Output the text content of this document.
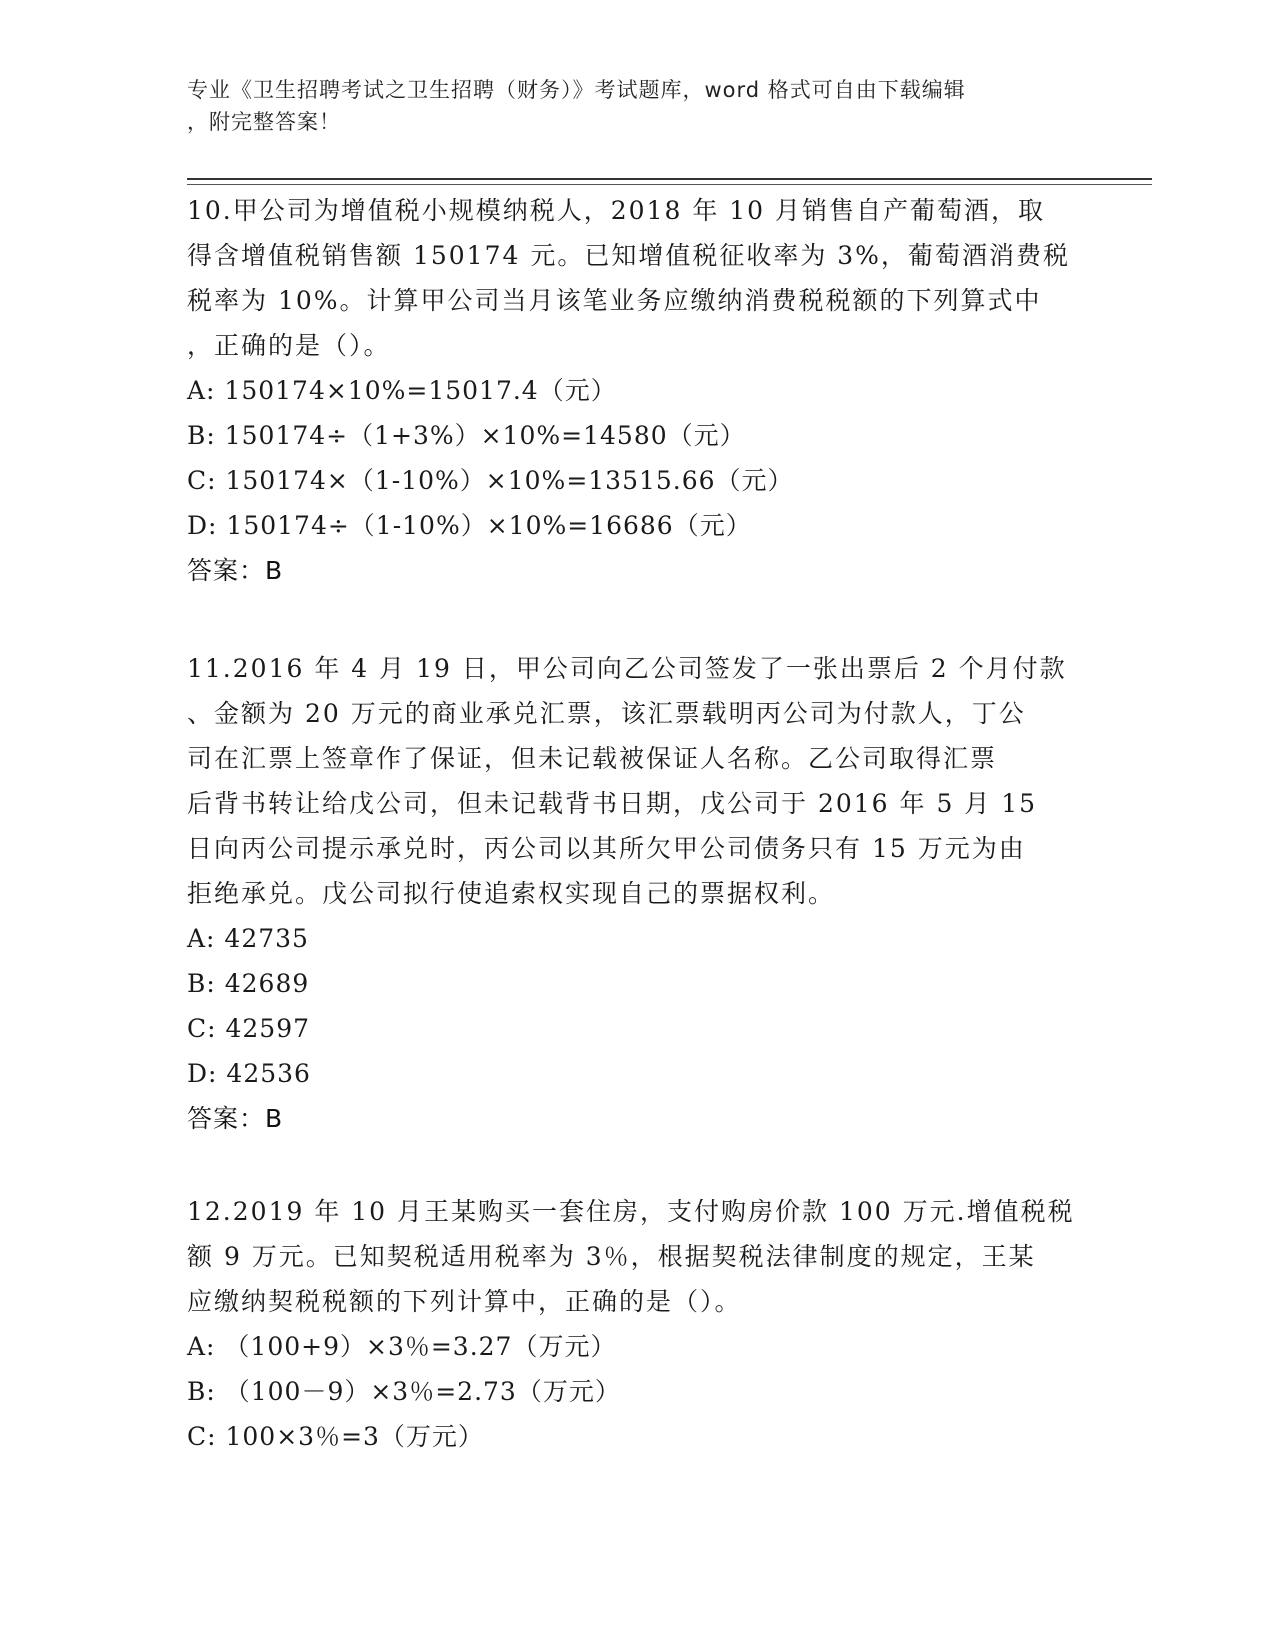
专业《卫生招聘考试之卫生招聘（财务）》考试题库，word 格式可自由下载编辑

，附完整答案！

10.甲公司为增值税小规模纳税人，2018 年 10 月销售自产葡萄酒，取

得含增值税销售额 150174 元。已知增值税征收率为 3%，葡萄酒消费税

税率为 10%。计算甲公司当月该笔业务应缴纳消费税税额的下列算式中

，正确的是（）。

A: 150174×10%=15017.4（元）

B: 150174÷（1+3%）×10%=14580（元）

C: 150174×（1-10%）×10%=13515.66（元）

D: 150174÷（1-10%）×10%=16686（元）

答案：B

11.2016 年 4 月 19 日，甲公司向乙公司签发了一张出票后 2 个月付款

、金额为 20 万元的商业承兑汇票，该汇票载明丙公司为付款人，丁公

司在汇票上签章作了保证，但未记载被保证人名称。乙公司取得汇票

后背书转让给戊公司，但未记载背书日期，戊公司于 2016 年 5 月 15

日向丙公司提示承兑时，丙公司以其所欠甲公司债务只有 15 万元为由

拒绝承兑。戊公司拟行使追索权实现自己的票据权利。

A: 42735

B: 42689

C: 42597

D: 42536

答案：B

12.2019 年 10 月王某购买一套住房，支付购房价款 100 万元.增值税税

额 9 万元。已知契税适用税率为 3％，根据契税法律制度的规定，王某

应缴纳契税税额的下列计算中，正确的是（）。

A: （100+9）×3％=3.27（万元）

B: （100－9）×3％=2.73（万元）

C: 100×3％=3（万元）
